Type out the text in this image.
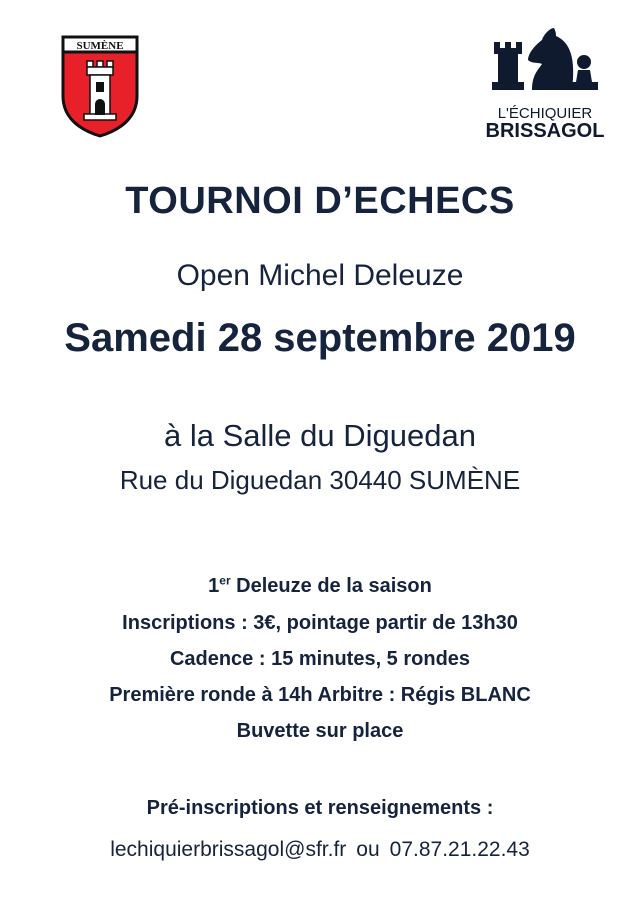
SUMÈNE
L'ÉCHIQUIER
BRISSAGOL
TOURNOI D’ECHECS
Open Michel Deleuze
Samedi 28 septembre 2019
à la Salle du Diguedan
Rue du Diguedan 30440 SUMÈNE
1er Deleuze de la saison
Inscriptions : 3€, pointage partir de 13h30
Cadence : 15 minutes, 5 rondes
Première ronde à 14h Arbitre : Régis BLANC
Buvette sur place
Pré-inscriptions et renseignements :
lechiquierbrissagol@sfr.fr ou 07.87.21.22.43
